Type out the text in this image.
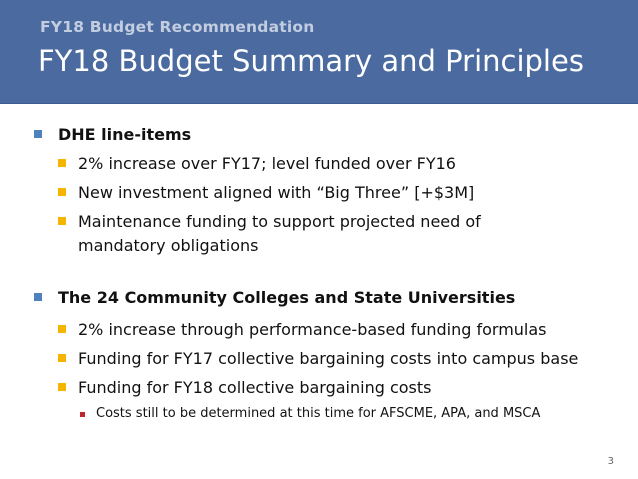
FY18 Budget Recommendation
FY18 Budget Summary and Principles
DHE line-items
2% increase over FY17; level funded over FY16
New investment aligned with “Big Three” [+$3M]
Maintenance funding to support projected need of
mandatory obligations
The 24 Community Colleges and State Universities
2% increase through performance-based funding formulas
Funding for FY17 collective bargaining costs into campus base
Funding for FY18 collective bargaining costs
Costs still to be determined at this time for AFSCME, APA, and MSCA
3
